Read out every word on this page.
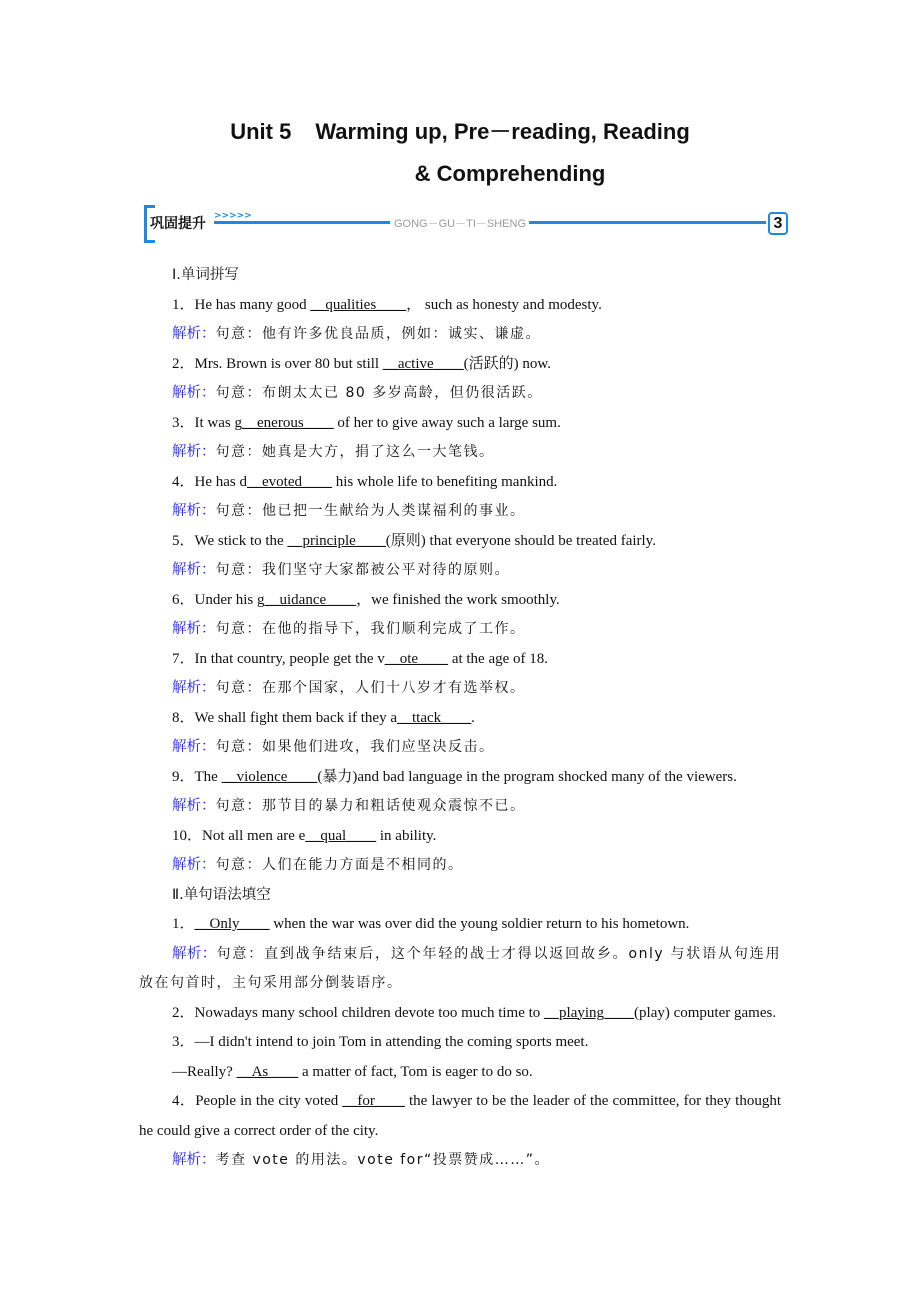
Unit 5 Warming up, Pre－reading, Reading
& Comprehending
巩固提升 >>>>>
GONG－GU－TI－SHENG	3

Ⅰ.单词拼写

1．He has many good __qualities____， such as honesty and modesty.

解析：句意：他有许多优良品质，例如：诚实、谦虚。

2．Mrs. Brown is over 80 but still __active____(活跃的) now.

解析：句意：布朗太太已 80 多岁高龄，但仍很活跃。

3．It was g__enerous____ of her to give away such a large sum.

解析：句意：她真是大方，捐了这么一大笔钱。

4．He has d__evoted____ his whole life to benefiting mankind.

解析：句意：他已把一生献给为人类谋福利的事业。

5．We stick to the __principle____(原则) that everyone should be treated fairly.

解析：句意：我们坚守大家都被公平对待的原则。

6．Under his g__uidance____，we finished the work smoothly.

解析：句意：在他的指导下，我们顺利完成了工作。

7．In that country, people get the v__ote____ at the age of 18.

解析：句意：在那个国家，人们十八岁才有选举权。

8．We shall fight them back if they a__ttack____.

解析：句意：如果他们进攻，我们应坚决反击。

9．The __violence____(暴力)and bad language in the program shocked many of the viewers.

解析：句意：那节目的暴力和粗话使观众震惊不已。

10．Not all men are e__qual____ in ability.

解析：句意：人们在能力方面是不相同的。

Ⅱ.单句语法填空

1．__Only____ when the war was over did the young soldier return to his hometown.

解析：句意：直到战争结束后，这个年轻的战士才得以返回故乡。only 与状语从句连用放在句首时，主句采用部分倒装语序。

2．Nowadays many school children devote too much time to __playing____(play) computer games.

3．—I didn't intend to join Tom in attending the coming sports meet.

—Really? __As____ a matter of fact, Tom is eager to do so.

4．People in the city voted __for____ the lawyer to be the leader of the committee, for they thought he could give a correct order of the city.

解析：考查 vote 的用法。vote for“投票赞成……”。
